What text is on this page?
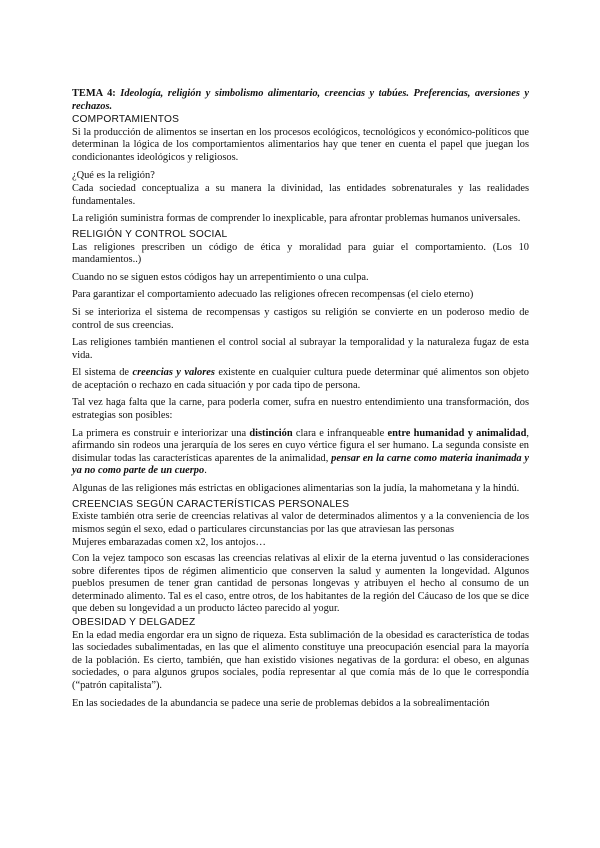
TEMA 4: Ideología, religión y simbolismo alimentario, creencias y tabúes. Preferencias, aversiones y rechazos.

COMPORTAMIENTOS

Si la producción de alimentos se insertan en los procesos ecológicos, tecnológicos y económico-políticos que determinan la lógica de los comportamientos alimentarios hay que tener en cuenta el papel que juegan los condicionantes ideológicos y religiosos.

¿Qué es la religión?

Cada sociedad conceptualiza a su manera la divinidad, las entidades sobrenaturales y las realidades fundamentales.

La religión suministra formas de comprender lo inexplicable, para afrontar problemas humanos universales.

RELIGIÓN Y CONTROL SOCIAL

Las religiones prescriben un código de ética y moralidad para guiar el comportamiento. (Los 10 mandamientos..)

Cuando no se siguen estos códigos hay un arrepentimiento o una culpa.

Para garantizar el comportamiento adecuado las religiones ofrecen recompensas (el cielo eterno)

Si se interioriza el sistema de recompensas y castigos su religión se convierte en un poderoso medio de control de sus creencias.

Las religiones también mantienen el control social al subrayar la temporalidad y la naturaleza fugaz de esta vida.

El sistema de creencias y valores existente en cualquier cultura puede determinar qué alimentos son objeto de aceptación o rechazo en cada situación y por cada tipo de persona.

Tal vez haga falta que la carne, para poderla comer, sufra en nuestro entendimiento una transformación, dos estrategias son posibles:

La primera es construir e interiorizar una distinción clara e infranqueable entre humanidad y animalidad, afirmando sin rodeos una jerarquía de los seres en cuyo vértice figura el ser humano. La segunda consiste en disimular todas las características aparentes de la animalidad, pensar en la carne como materia inanimada y ya no como parte de un cuerpo.

Algunas de las religiones más estrictas en obligaciones alimentarias son la judía, la mahometana y la hindú.

CREENCIAS SEGÚN CARACTERÍSTICAS PERSONALES

Existe también otra serie de creencias relativas al valor de determinados alimentos y a la conveniencia de los mismos según el sexo, edad o particulares circunstancias por las que atraviesan las personas

Mujeres embarazadas comen x2, los antojos…

Con la vejez tampoco son escasas las creencias relativas al elixir de la eterna juventud o las consideraciones sobre diferentes tipos de régimen alimenticio que conserven la salud y aumenten la longevidad. Algunos pueblos presumen de tener gran cantidad de personas longevas y atribuyen el hecho al consumo de un determinado alimento. Tal es el caso, entre otros, de los habitantes de la región del Cáucaso de los que se dice que deben su longevidad a un producto lácteo parecido al yogur.

OBESIDAD Y DELGADEZ

En la edad media engordar era un signo de riqueza. Esta sublimación de la obesidad es característica de todas las sociedades subalimentadas, en las que el alimento constituye una preocupación esencial para la mayoría de la población. Es cierto, también, que han existido visiones negativas de la gordura: el obeso, en algunas sociedades, o para algunos grupos sociales, podía representar al que comía más de lo que le correspondía (“patrón capitalista”).

En las sociedades de la abundancia se padece una serie de problemas debidos a la sobrealimentación
